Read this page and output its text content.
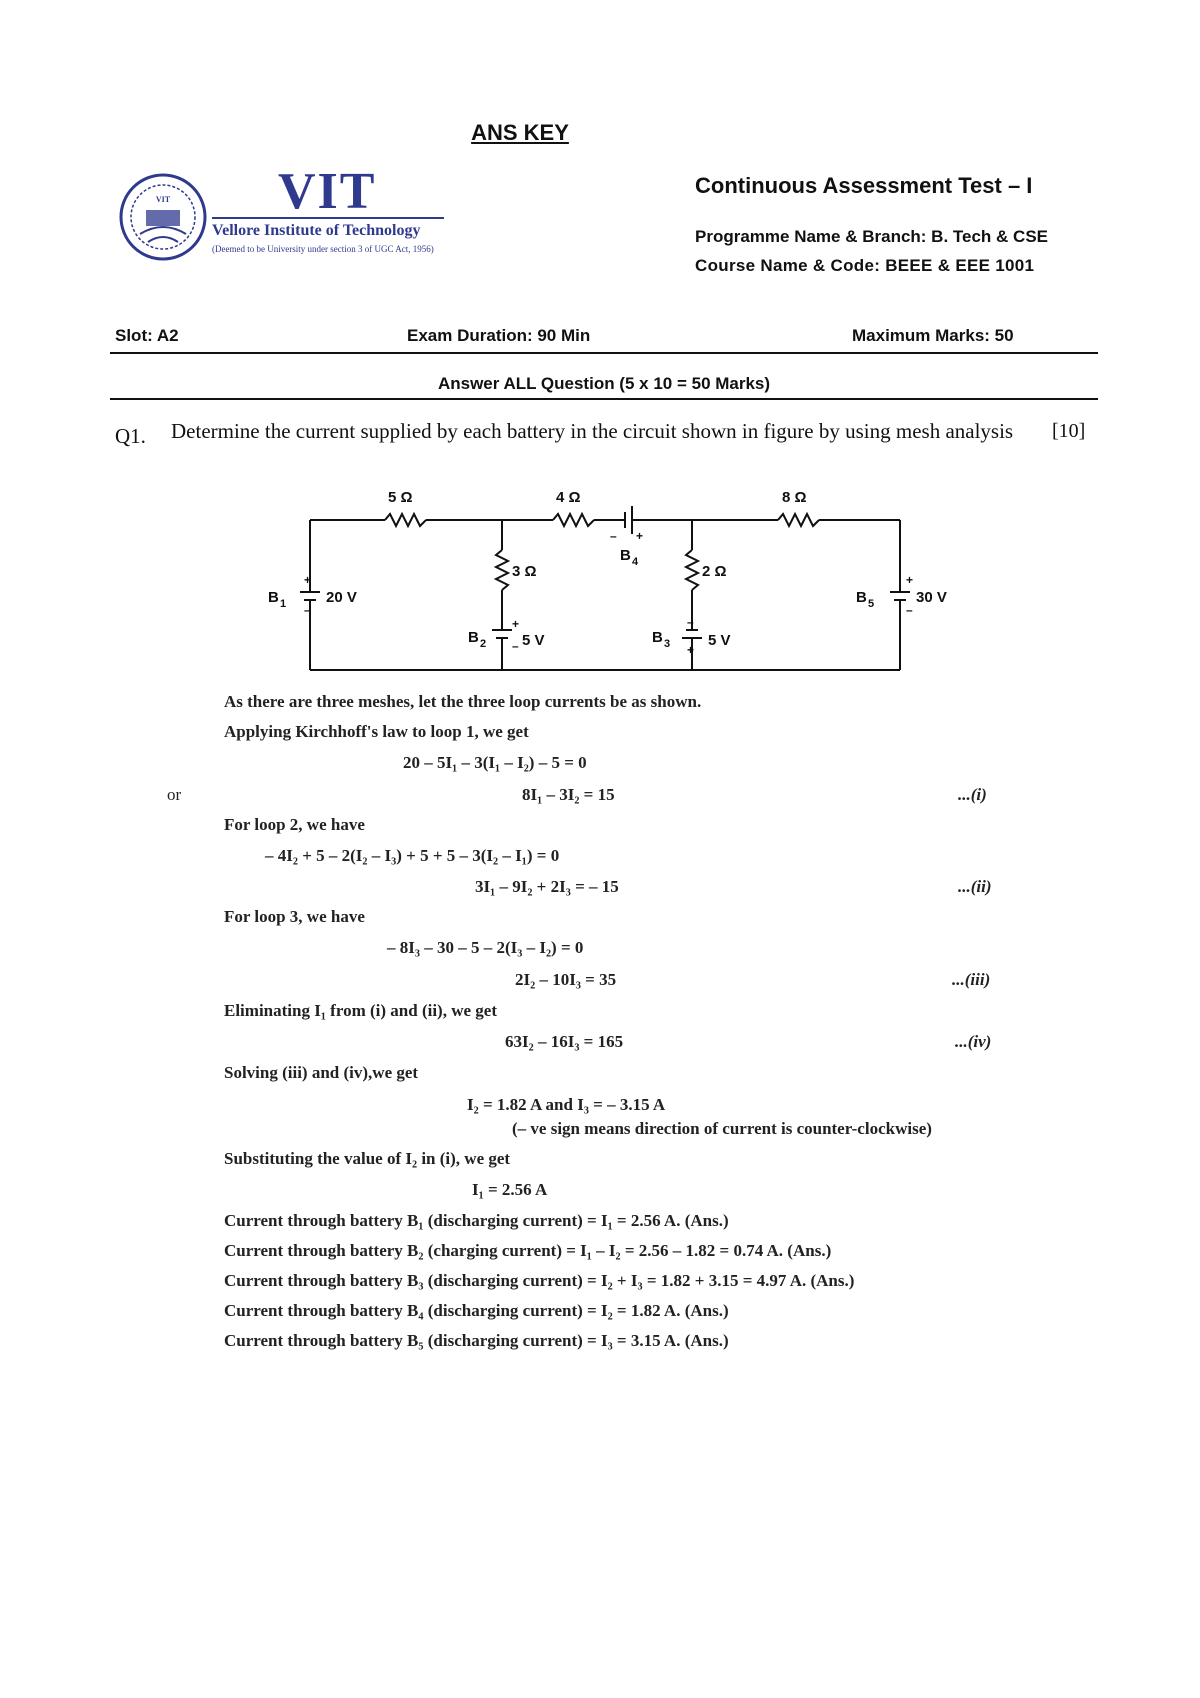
ANS KEY
VIT VIT
Vellore Institute of Technology
(Deemed to be University under section 3 of UGC Act, 1956)
Continuous Assessment Test – I
Programme Name & Branch: B. Tech & CSE
Course Name & Code: BEEE & EEE 1001
Slot: A2	Exam Duration: 90 Min	Maximum Marks: 50
Answer ALL Question (5 x 10 = 50 Marks)
Q1. Determine the current supplied by each battery in the circuit shown in figure by using mesh analysis	[10]
5 Ω	4 Ω	8 Ω
3 Ω	2 Ω
+
–
B 1	20 V
+
–
B 2 5 V
–
+
B 3	5 V
– +
B 4
+
–
B 5	30 V
As there are three meshes, let the three loop currents be as shown.
Applying Kirchhoff's law to loop 1, we get
20 – 5I₁ – 3(I₁ – I₂) – 5 = 0
or	8I₁ – 3I₂ = 15	...(i)
For loop 2, we have
– 4I₂ + 5 – 2(I₂ – I₃) + 5 + 5 – 3(I₂ – I₁) = 0
3I₁ – 9I₂ + 2I₃ = – 15	...(ii)
For loop 3, we have
– 8I₃ – 30 – 5 – 2(I₃ – I₂) = 0
2I₂ – 10I₃ = 35	...(iii)
Eliminating I₁ from (i) and (ii), we get
63I₂ – 16I₃ = 165	...(iv)
Solving (iii) and (iv),we get
I₂ = 1.82 A and I₃ = – 3.15 A
(– ve sign means direction of current is counter-clockwise)
Substituting the value of I₂ in (i), we get
I₁ = 2.56 A
Current through battery B₁ (discharging current) = I₁ = 2.56 A. (Ans.)
Current through battery B₂ (charging current) = I₁ – I₂ = 2.56 – 1.82 = 0.74 A. (Ans.)
Current through battery B₃ (discharging current) = I₂ + I₃ = 1.82 + 3.15 = 4.97 A. (Ans.)
Current through battery B₄ (discharging current) = I₂ = 1.82 A. (Ans.)
Current through battery B₅ (discharging current) = I₃ = 3.15 A. (Ans.)
